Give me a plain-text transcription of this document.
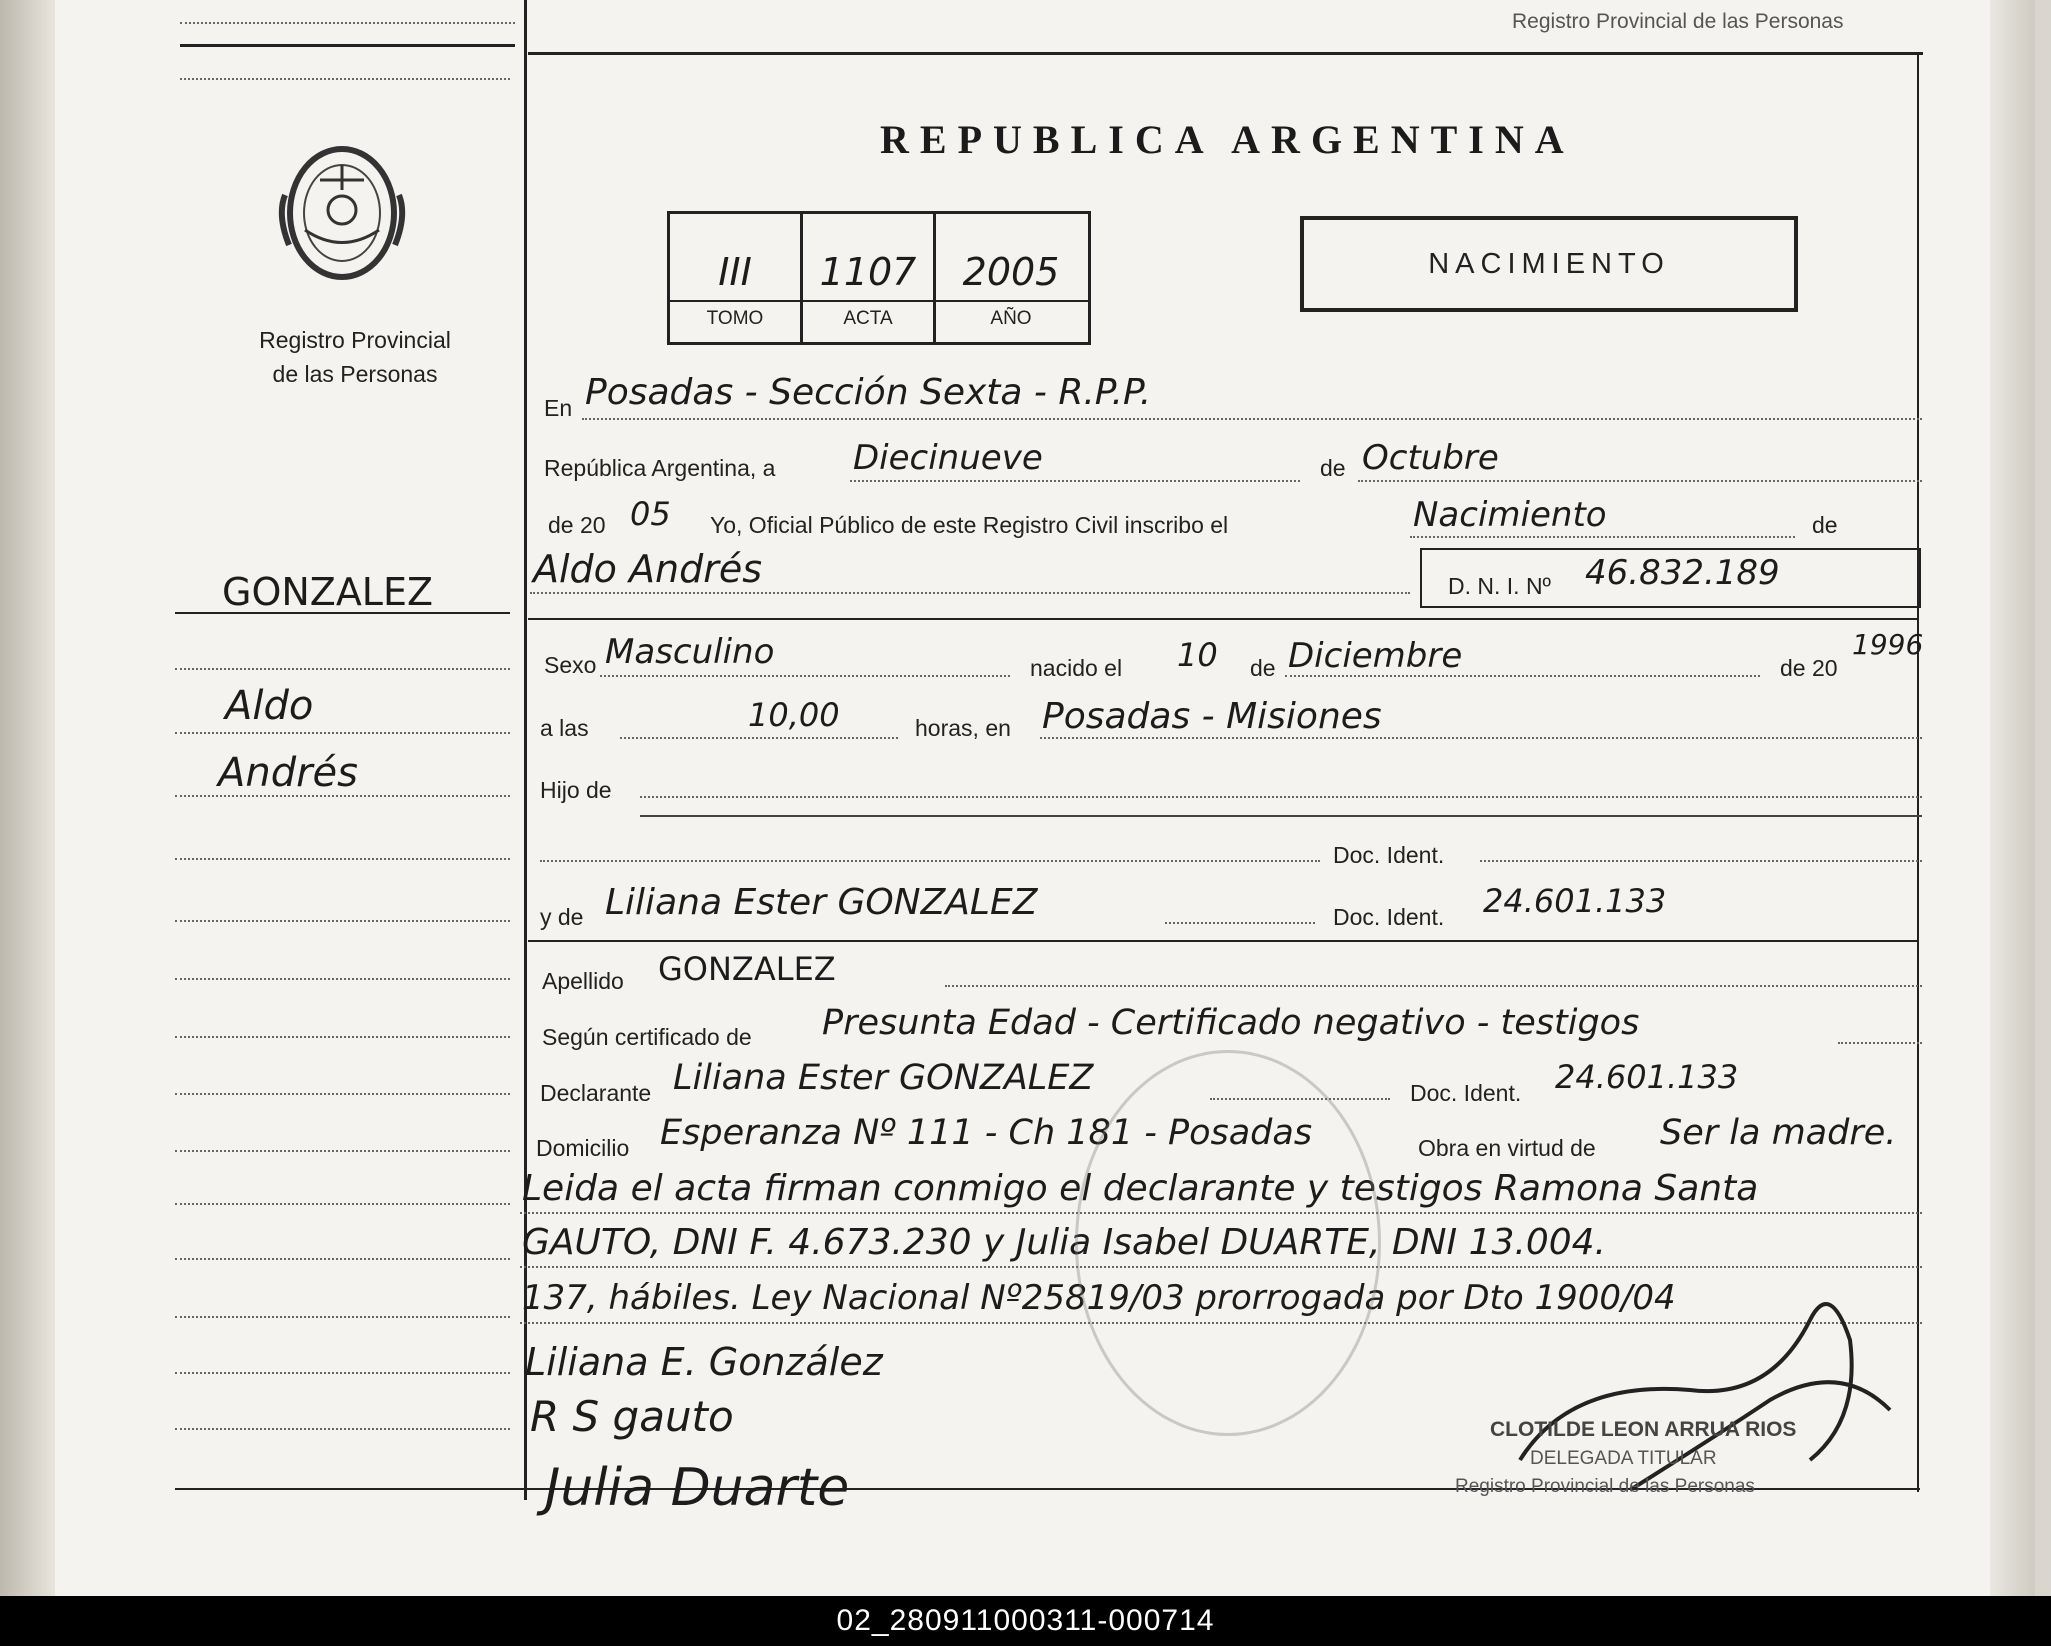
Registro Provincial de las Personas
Registro Provincial
de las Personas
REPUBLICA ARGENTINA
III	1107	2005
TOMO	ACTA	AÑO
NACIMIENTO
GONZALEZ
Aldo
Andrés
En Posadas - Sección Sexta - R.P.P.
República Argentina, a Diecinueve	de Octubre
de 20 05 Yo, Oficial Público de este Registro Civil inscribo el	Nacimiento	de
Aldo Andrés	D. N. I. Nº 46.832.189
Sexo Masculino	nacido el 10 de Diciembre	de 20
1996
a las	10,00	horas, en Posadas - Misiones
Hijo de
Doc. Ident.
y de Liliana Ester GONZALEZ	Doc. Ident. 24.601.133
Apellido GONZALEZ
Según certificado de Presunta Edad - Certificado negativo - testigos
Declarante Liliana Ester GONZALEZ	Doc. Ident. 24.601.133
Domicilio Esperanza Nº 111 - Ch 181 - Posadas	Obra en virtud de Ser la madre.
Leida el acta firman conmigo el declarante y testigos Ramona Santa
GAUTO, DNI F. 4.673.230 y Julia Isabel DUARTE, DNI 13.004.
137, hábiles. Ley Nacional Nº25819/03 prorrogada por Dto 1900/04
Liliana E. González
R S gauto
Julia Duarte
CLOTILDE LEON ARRUA RIOS
DELEGADA TITULAR
Registro Provincial de las Personas
02_280911000311-000714
